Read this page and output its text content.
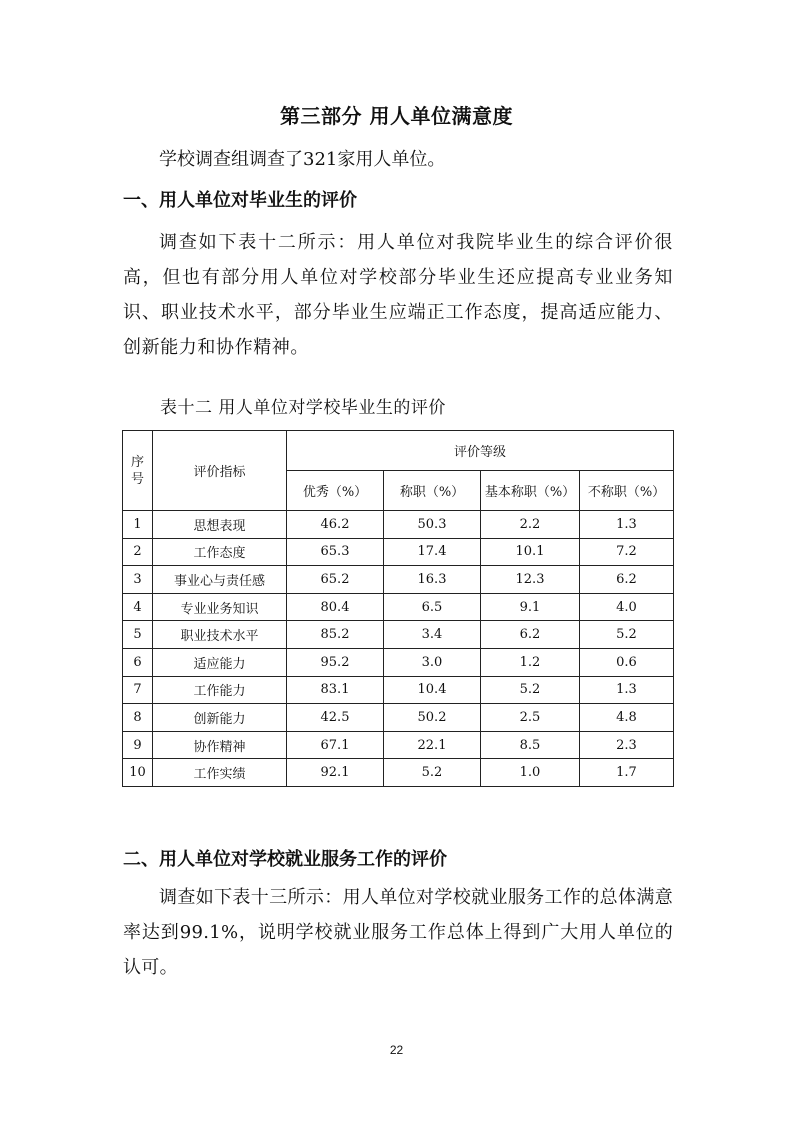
第三部分 用人单位满意度

学校调查组调查了321家用人单位。

一、用人单位对毕业生的评价

调查如下表十二所示：用人单位对我院毕业生的综合评价很高，但也有部分用人单位对学校部分毕业生还应提高专业业务知识、职业技术水平，部分毕业生应端正工作态度，提高适应能力、创新能力和协作精神。

表十二 用人单位对学校毕业生的评价
序号	评价指标	评价等级			
		优秀（%）	称职（%）	基本称职（%）	不称职（%）
1	思想表现	46.2	50.3	2.2	1.3
2	工作态度	65.3	17.4	10.1	7.2
3	事业心与责任感	65.2	16.3	12.3	6.2
4	专业业务知识	80.4	6.5	9.1	4.0
5	职业技术水平	85.2	3.4	6.2	5.2
6	适应能力	95.2	3.0	1.2	0.6
7	工作能力	83.1	10.4	5.2	1.3
8	创新能力	42.5	50.2	2.5	4.8
9	协作精神	67.1	22.1	8.5	2.3
10	工作实绩	92.1	5.2	1.0	1.7
二、用人单位对学校就业服务工作的评价

调查如下表十三所示：用人单位对学校就业服务工作的总体满意率达到99.1%，说明学校就业服务工作总体上得到广大用人单位的认可。

22
